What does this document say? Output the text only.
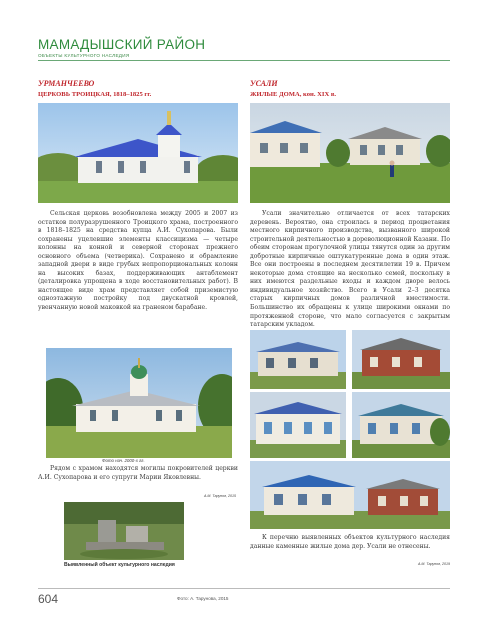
МАМАДЫШСКИЙ РАЙОН
ОБЪЕКТЫ КУЛЬТУРНОГО НАСЛЕДИЯ
УРМАНЧЕЕВО
ЦЕРКОВЬ ТРОИЦКАЯ, 1818–1825 гг.
УСАЛИ
ЖИЛЫЕ ДОМА, кон. XIX в.

Сельская церковь возобновлена между 2005 и 2007 из остатков полуразрушенного Троицкого храма, построенного в 1818–1825 на средства купца А.И. Сухопарова. Были сохранены уцелевшие элементы классицизма — четыре колонны на конной и северной сторонах прежнего основного объема (четверика). Сохранено и обрамление западной двери в виде грубых непропорциональных колонн на высоких базах, поддерживающих антаблемент (деталировка упрощена в ходе восстановительных работ). В настоящее виде храм представляет собой приземистую одноэтажную постройку под двускатной кровлей, увенчанную новой маковкой на граненом барабане.

Фото нач. 2000-х гг.

Рядом с храмом находятся могилы покровителей церкви А.И. Сухопарова и его супруги Марии Яковлевны.

А.М. Тарунов, 2015
Выявленный объект культурного наследия

Усали значительно отличается от всех татарских деревень. Вероятно, она строилась в период процветания местного кирпичного производства, вызванного широкой строительной деятельностью в дореволюционной Казани. По обеим сторонам прогулочной улицы тянутся один за другим добротные кирпичные оштукатуренные дома в один этаж. Все они построены в последнем десятилетии 19 в. Причем некоторые дома стоящие на несколько семей, поскольку в них имеются раздельные входы и каждом дворе велось индивидуальное хозяйство. Всего в Усали 2–3 десятка старых кирпичных домов различной вместимости. Большинство их обращены к улице широкими окнами по протяженной стороне, что мало согласуется с закрытым татарским укладом.

К перечню выявленных объектов культурного наследия данные каменные жилые дома дер. Усали не отнесены.

А.М. Тарунов, 2019
604	Фото: А. Тарунова, 2015
